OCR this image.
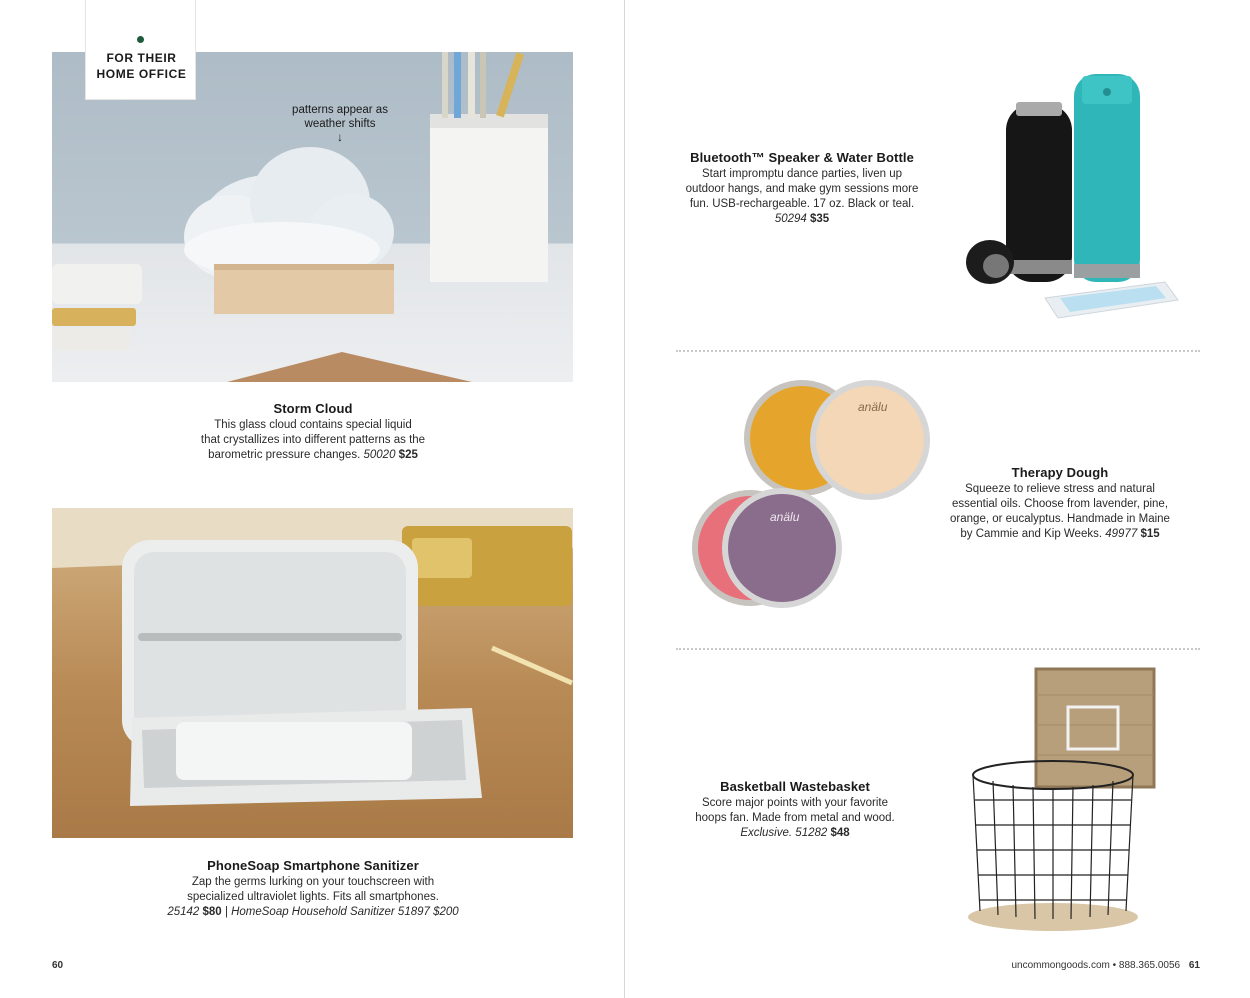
FOR THEIR
HOME OFFICE
patterns appear as
weather shifts
↓
Storm Cloud
This glass cloud contains special liquid
that crystallizes into different patterns as the
barometric pressure changes. 50020 $25
PhoneSoap Smartphone Sanitizer
Zap the germs lurking on your touchscreen with
specialized ultraviolet lights. Fits all smartphones.
25142 $80 | HomeSoap Household Sanitizer 51897 $200
60
Bluetooth™ Speaker & Water Bottle
Start impromptu dance parties, liven up
outdoor hangs, and make gym sessions more
fun. USB-rechargeable. 17 oz. Black or teal.
50294 $35
anälu
anälu
Therapy Dough
Squeeze to relieve stress and natural
essential oils. Choose from lavender, pine,
orange, or eucalyptus. Handmade in Maine
by Cammie and Kip Weeks. 49977 $15
Basketball Wastebasket
Score major points with your favorite
hoops fan. Made from metal and wood.
Exclusive. 51282 $48
uncommongoods.com • 888.365.0056 61
